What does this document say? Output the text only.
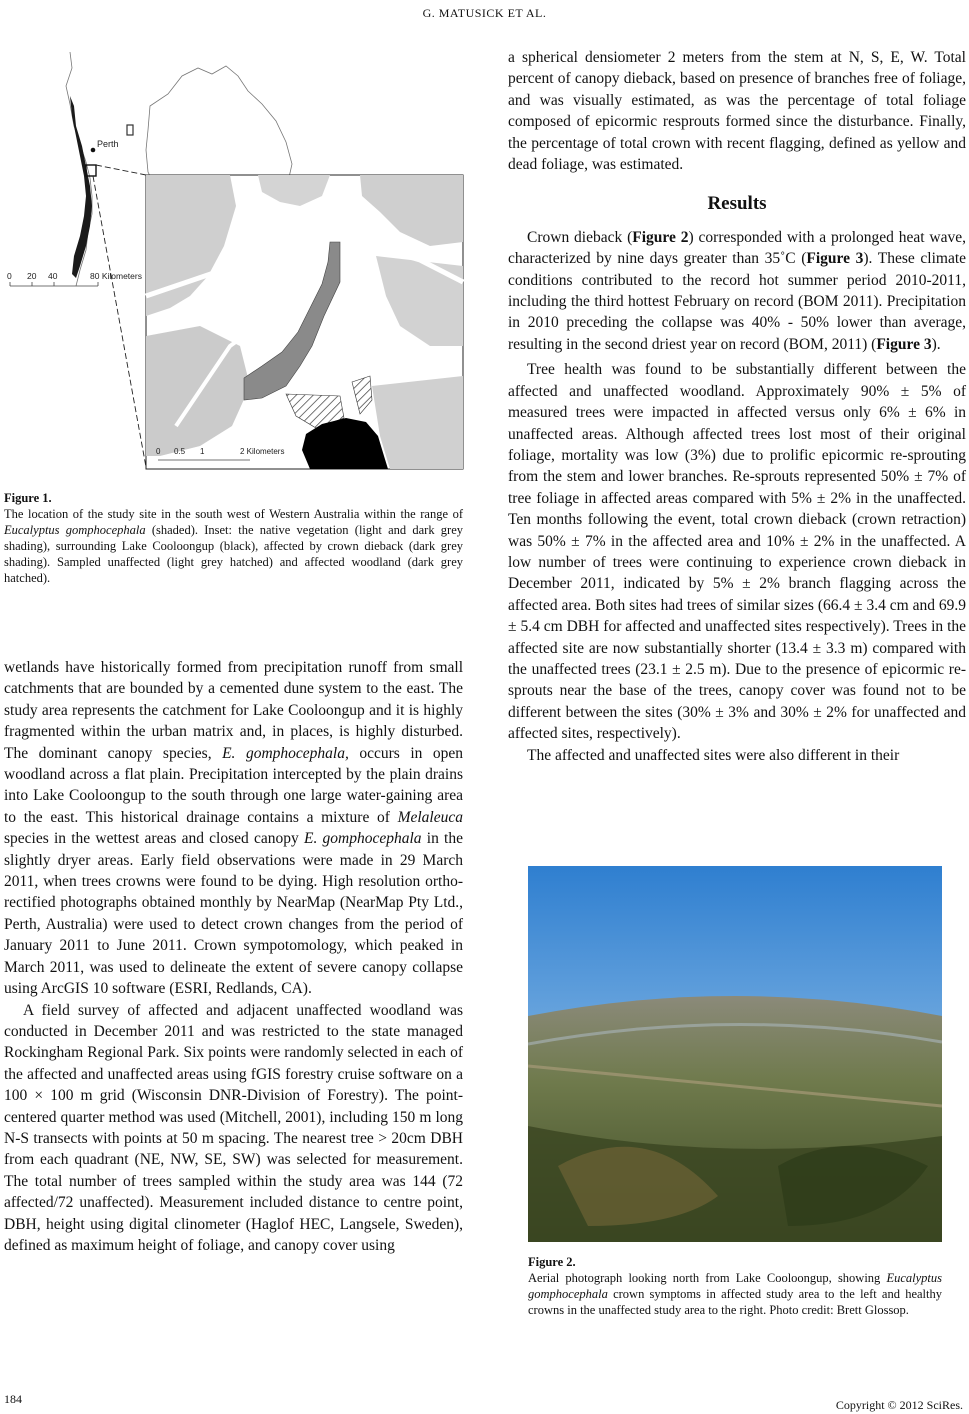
G. MATUSICK ET AL.
Perth
0 20 40	80 Kilometers
0 0.5 1	2 Kilometers
Figure 1.
The location of the study site in the south west of Western Australia within the range of Eucalyptus gomphocephala (shaded). Inset: the native vegetation (light and dark grey shading), surrounding Lake Cooloongup (black), affected by crown dieback (dark grey shading). Sampled unaffected (light grey hatched) and affected woodland (dark grey hatched).

wetlands have historically formed from precipitation runoff from small catchments that are bounded by a cemented dune system to the east. The study area represents the catchment for Lake Cooloongup and it is highly fragmented within the urban matrix and, in places, is highly disturbed. The dominant canopy species, E. gomphocephala, occurs in open woodland across a flat plain. Precipitation intercepted by the plain drains into Lake Cooloongup to the south through one large water-gaining area to the east. This historical drainage contains a mixture of Melaleuca species in the wettest areas and closed canopy E. gomphocephala in the slightly dryer areas. Early field observations were made in 29 March 2011, when trees crowns were found to be dying. High resolution ortho-rectified photographs obtained monthly by NearMap (NearMap Pty Ltd., Perth, Australia) were used to detect crown changes from the period of January 2011 to June 2011. Crown sympotomology, which peaked in March 2011, was used to delineate the extent of severe canopy collapse using ArcGIS 10 software (ESRI, Redlands, CA).

A field survey of affected and adjacent unaffected woodland was conducted in December 2011 and was restricted to the state managed Rockingham Regional Park. Six points were randomly selected in each of the affected and unaffected areas using fGIS forestry cruise software on a 100 × 100 m grid (Wisconsin DNR-Division of Forestry). The point-centered quarter method was used (Mitchell, 2001), including 150 m long N-S transects with points at 50 m spacing. The nearest tree > 20cm DBH from each quadrant (NE, NW, SE, SW) was selected for measurement. The total number of trees sampled within the study area was 144 (72 affected/72 unaffected). Measurement included distance to centre point, DBH, height using digital clinometer (Haglof HEC, Langsele, Sweden), defined as maximum height of foliage, and canopy cover using

a spherical densiometer 2 meters from the stem at N, S, E, W. Total percent of canopy dieback, based on presence of branches free of foliage, and was visually estimated, as was the percentage of total foliage composed of epicormic resprouts formed since the disturbance. Finally, the percentage of total crown with recent flagging, defined as yellow and dead foliage, was estimated.

Results

Crown dieback (Figure 2) corresponded with a prolonged heat wave, characterized by nine days greater than 35˚C (Figure 3). These climate conditions contributed to the record hot summer period 2010-2011, including the third hottest February on record (BOM 2011). Precipitation in 2010 preceding the collapse was 40% - 50% lower than average, resulting in the second driest year on record (BOM, 2011) (Figure 3).

Tree health was found to be substantially different between the affected and unaffected woodland. Approximately 90% ± 5% of measured trees were impacted in affected versus only 6% ± 6% in unaffected areas. Although affected trees lost most of their original foliage, mortality was low (3%) due to prolific epicormic re-sprouting from the stem and lower branches. Re-sprouts represented 50% ± 7% of tree foliage in affected areas compared with 5% ± 2% in the unaffected. Ten months following the event, total crown dieback (crown retraction) was 50% ± 7% in the affected area and 10% ± 2% in the unaffected. A low number of trees were continuing to experience crown dieback in December 2011, indicated by 5% ± 2% branch flagging across the affected area. Both sites had trees of similar sizes (66.4 ± 3.4 cm and 69.9 ± 5.4 cm DBH for affected and unaffected sites respectively). Trees in the affected site are now substantially shorter (13.4 ± 3.3 m) compared with the unaffected trees (23.1 ± 2.5 m). Due to the presence of epicormic re-sprouts near the base of the trees, canopy cover was found not to be different between the sites (30% ± 3% and 30% ± 2% for unaffected and affected sites, respectively).

The affected and unaffected sites were also different in their

Figure 2.
Aerial photograph looking north from Lake Cooloongup, showing Eucalyptus gomphocephala crown symptoms in affected study area to the left and healthy crowns in the unaffected study area to the right. Photo credit: Brett Glossop.
184	Copyright © 2012 SciRes.
